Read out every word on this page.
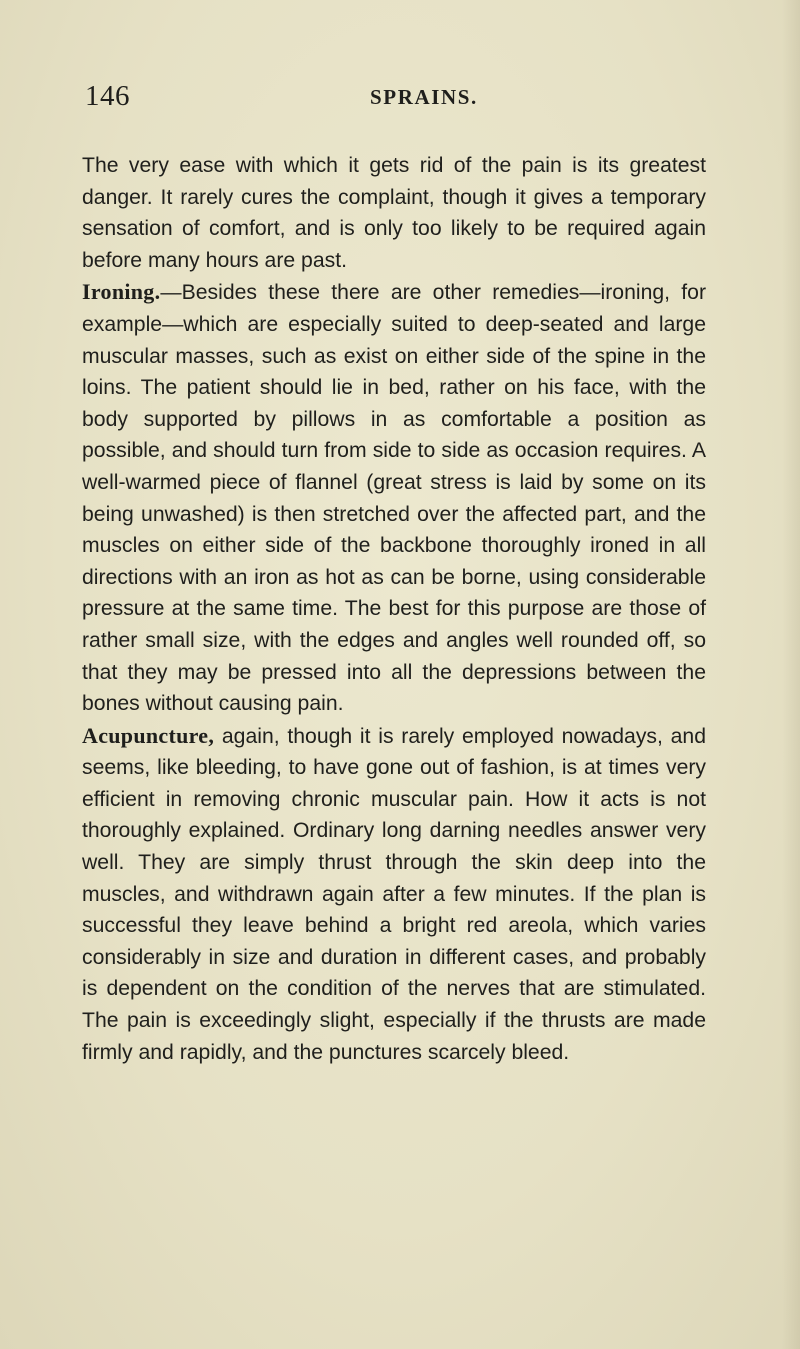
146	SPRAINS.

The very ease with which it gets rid of the pain is its greatest danger. It rarely cures the complaint, though it gives a temporary sensation of comfort, and is only too likely to be required again before many hours are past.

Ironing.—Besides these there are other remedies—ironing, for example—which are especially suited to deep-seated and large muscular masses, such as exist on either side of the spine in the loins. The patient should lie in bed, rather on his face, with the body supported by pillows in as comfortable a position as possible, and should turn from side to side as occasion requires. A well-warmed piece of flannel (great stress is laid by some on its being unwashed) is then stretched over the affected part, and the muscles on either side of the backbone thoroughly ironed in all directions with an iron as hot as can be borne, using considerable pressure at the same time. The best for this purpose are those of rather small size, with the edges and angles well rounded off, so that they may be pressed into all the depressions between the bones without causing pain.

Acupuncture, again, though it is rarely employed nowadays, and seems, like bleeding, to have gone out of fashion, is at times very efficient in removing chronic muscular pain. How it acts is not thoroughly explained. Ordinary long darning needles answer very well. They are simply thrust through the skin deep into the muscles, and withdrawn again after a few minutes. If the plan is successful they leave behind a bright red areola, which varies considerably in size and duration in different cases, and probably is dependent on the condition of the nerves that are stimulated. The pain is exceedingly slight, especially if the thrusts are made firmly and rapidly, and the punctures scarcely bleed.
